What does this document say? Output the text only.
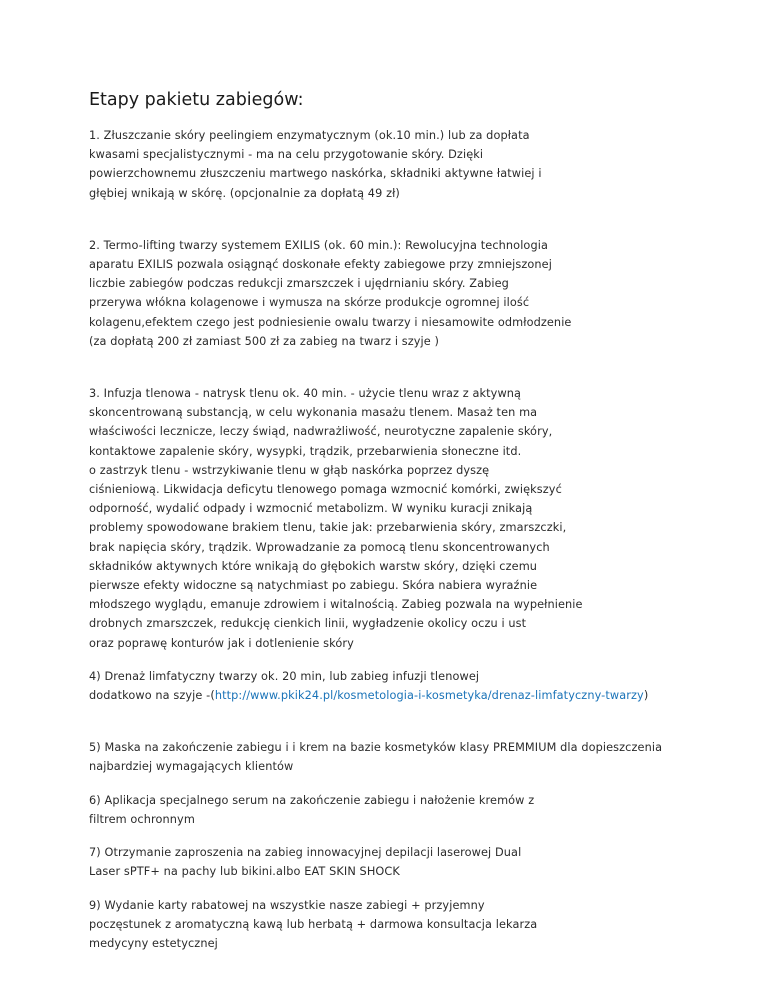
Etapy pakietu zabiegów:
1. Złuszczanie skóry peelingiem enzymatycznym (ok.10 min.) lub za dopłata
kwasami specjalistycznymi - ma na celu przygotowanie skóry. Dzięki
powierzchownemu złuszczeniu martwego naskórka, składniki aktywne łatwiej i
głębiej wnikają w skórę. (opcjonalnie za dopłatą 49 zł)
2. Termo-lifting twarzy systemem EXILIS (ok. 60 min.): Rewolucyjna technologia
aparatu EXILIS pozwala osiągnąć doskonałe efekty zabiegowe przy zmniejszonej
liczbie zabiegów podczas redukcji zmarszczek i ujędrnianiu skóry. Zabieg
przerywa włókna kolagenowe i wymusza na skórze produkcje ogromnej ilość
kolagenu,efektem czego jest podniesienie owalu twarzy i niesamowite odmłodzenie
(za dopłatą 200 zł zamiast 500 zł za zabieg na twarz i szyje )
3. Infuzja tlenowa - natrysk tlenu ok. 40 min. - użycie tlenu wraz z aktywną
skoncentrowaną substancją, w celu wykonania masażu tlenem. Masaż ten ma
właściwości lecznicze, leczy świąd, nadwrażliwość, neurotyczne zapalenie skóry,
kontaktowe zapalenie skóry, wysypki, trądzik, przebarwienia słoneczne itd.
o zastrzyk tlenu - wstrzykiwanie tlenu w głąb naskórka poprzez dyszę
ciśnieniową. Likwidacja deficytu tlenowego pomaga wzmocnić komórki, zwiększyć
odporność, wydalić odpady i wzmocnić metabolizm. W wyniku kuracji znikają
problemy spowodowane brakiem tlenu, takie jak: przebarwienia skóry, zmarszczki,
brak napięcia skóry, trądzik. Wprowadzanie za pomocą tlenu skoncentrowanych
składników aktywnych które wnikają do głębokich warstw skóry, dzięki czemu
pierwsze efekty widoczne są natychmiast po zabiegu. Skóra nabiera wyraźnie
młodszego wyglądu, emanuje zdrowiem i witalnością. Zabieg pozwala na wypełnienie
drobnych zmarszczek, redukcję cienkich linii, wygładzenie okolicy oczu i ust
oraz poprawę konturów jak i dotlenienie skóry
4) Drenaż limfatyczny twarzy ok. 20 min, lub zabieg infuzji tlenowej
dodatkowo na szyje -(http://www.pkik24.pl/kosmetologia-i-kosmetyka/drenaz-limfatyczny-twarzy)
5) Maska na zakończenie zabiegu i i krem na bazie kosmetyków klasy PREMMIUM dla dopieszczenia
najbardziej wymagających klientów
6) Aplikacja specjalnego serum na zakończenie zabiegu i nałożenie kremów z
filtrem ochronnym
7) Otrzymanie zaproszenia na zabieg innowacyjnej depilacji laserowej Dual
Laser sPTF+ na pachy lub bikini.albo EAT SKIN SHOCK
9) Wydanie karty rabatowej na wszystkie nasze zabiegi + przyjemny
poczęstunek z aromatyczną kawą lub herbatą + darmowa konsultacja lekarza
medycyny estetycznej
